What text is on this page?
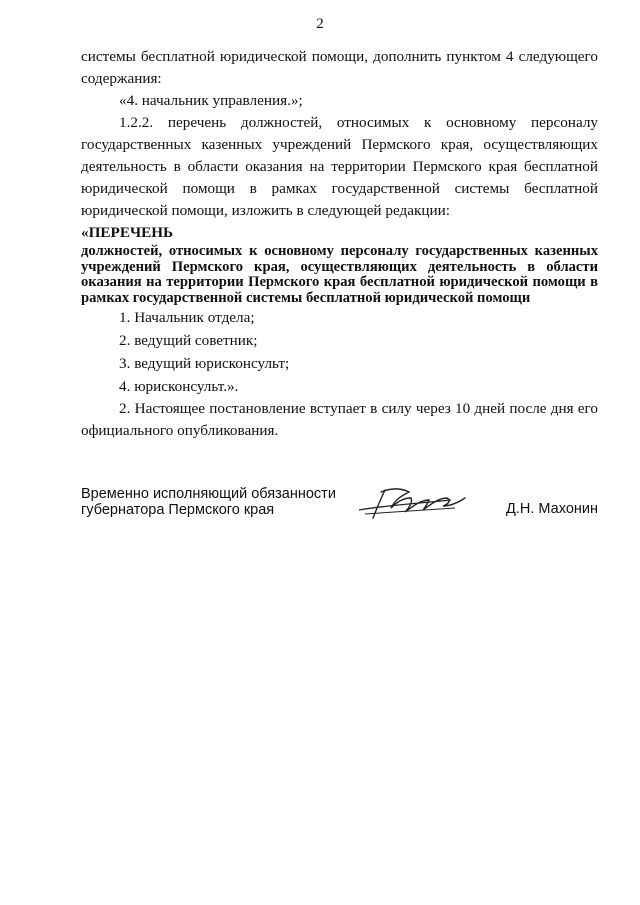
2

системы бесплатной юридической помощи, дополнить пунктом 4 следующего содержания:

«4. начальник управления.»;

1.2.2. перечень должностей, относимых к основному персоналу государственных казенных учреждений Пермского края, осуществляющих деятельность в области оказания на территории Пермского края бесплатной юридической помощи в рамках государственной системы бесплатной юридической помощи, изложить в следующей редакции:

«ПЕРЕЧЕНЬ

должностей, относимых к основному персоналу государственных казенных учреждений Пермского края, осуществляющих деятельность в области оказания на территории Пермского края бесплатной юридической помощи в рамках государственной системы бесплатной юридической помощи

1. Начальник отдела;

2. ведущий советник;

3. ведущий юрисконсульт;

4. юрисконсульт.».

2. Настоящее постановление вступает в силу через 10 дней после дня его официального опубликования.

Временно исполняющий обязанности
губернатора Пермского края	Д.Н. Махонин
